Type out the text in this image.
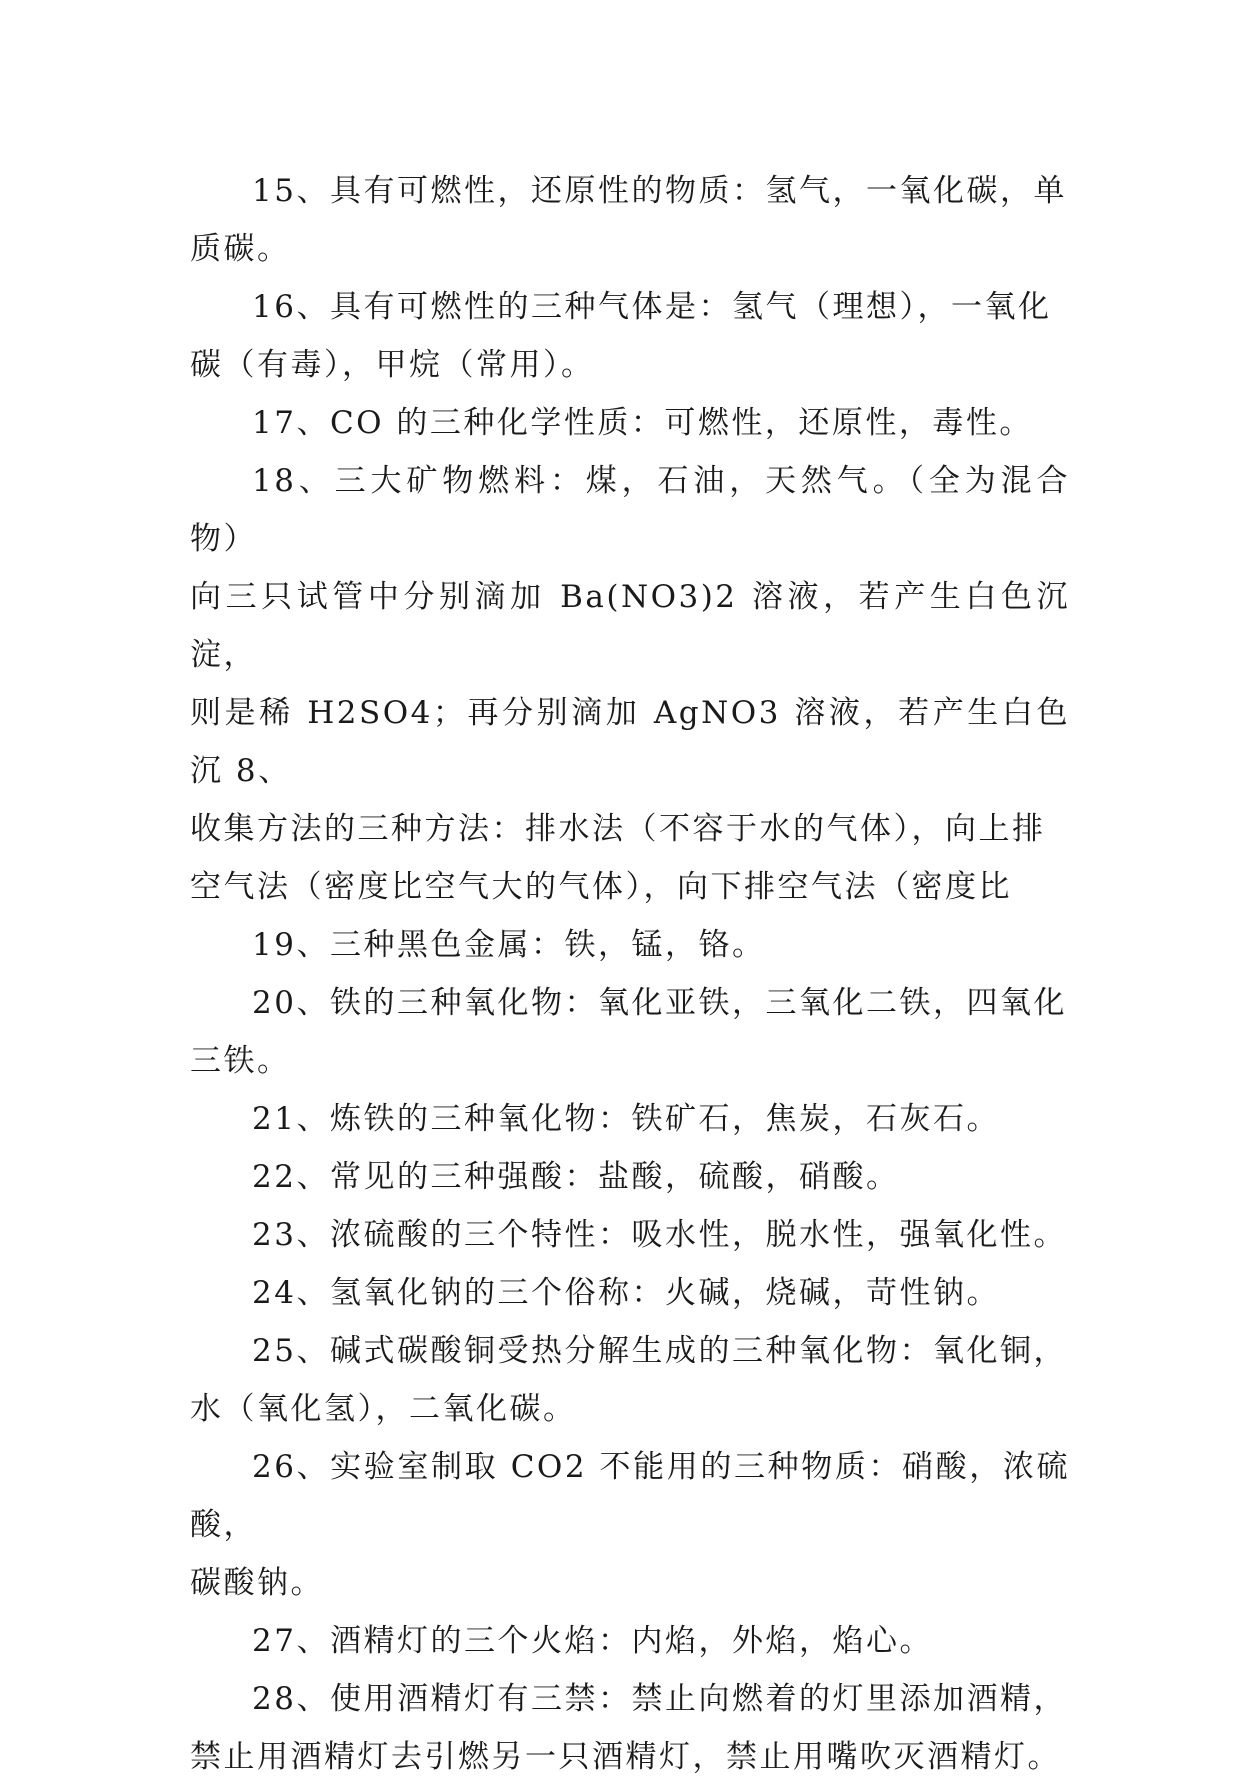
15、具有可燃性，还原性的物质：氢气，一氧化碳，单
质碳。

16、具有可燃性的三种气体是：氢气（理想），一氧化
碳（有毒），甲烷（常用）。

17、CO 的三种化学性质：可燃性，还原性，毒性。

18、三大矿物燃料：煤，石油，天然气。（全为混合物）
向三只试管中分别滴加 Ba(NO3)2 溶液，若产生白色沉淀，
则是稀 H2SO4；再分别滴加 AgNO3 溶液，若产生白色沉 8、
收集方法的三种方法：排水法（不容于水的气体），向上排
空气法（密度比空气大的气体），向下排空气法（密度比

19、三种黑色金属：铁，锰，铬。

20、铁的三种氧化物：氧化亚铁，三氧化二铁，四氧化
三铁。

21、炼铁的三种氧化物：铁矿石，焦炭，石灰石。

22、常见的三种强酸：盐酸，硫酸，硝酸。

23、浓硫酸的三个特性：吸水性，脱水性，强氧化性。

24、氢氧化钠的三个俗称：火碱，烧碱，苛性钠。

25、碱式碳酸铜受热分解生成的三种氧化物：氧化铜，
水（氧化氢），二氧化碳。

26、实验室制取 CO2 不能用的三种物质：硝酸，浓硫酸，
碳酸钠。

27、酒精灯的三个火焰：内焰，外焰，焰心。

28、使用酒精灯有三禁：禁止向燃着的灯里添加酒精，
禁止用酒精灯去引燃另一只酒精灯，禁止用嘴吹灭酒精灯。
